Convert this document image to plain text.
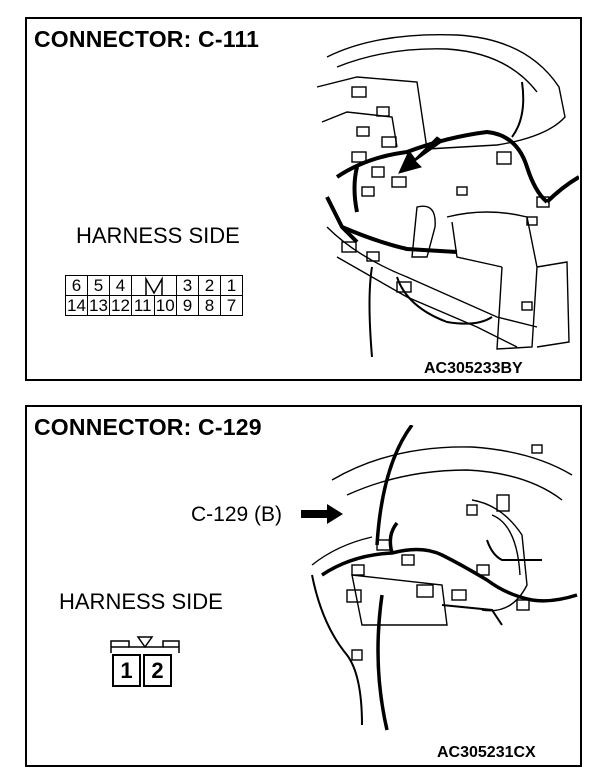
CONNECTOR: C-111
HARNESS SIDE
6	5	4			3	2	1
14	13	12	11	10	9	8	7
AC305233BY
CONNECTOR: C-129
HARNESS SIDE
1 2
C-129 (B)
AC305231CX
